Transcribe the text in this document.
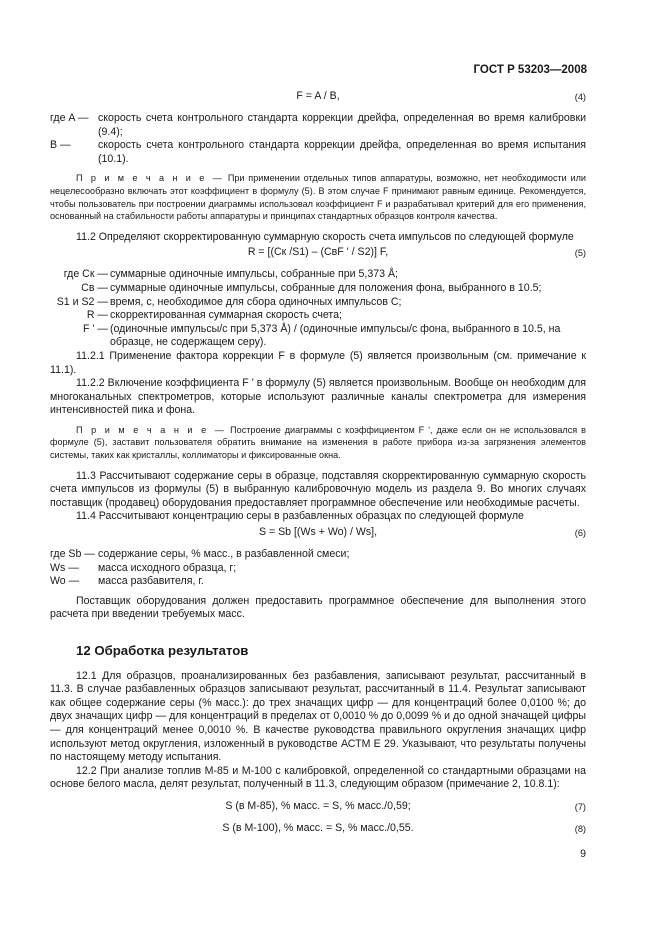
ГОСТ Р 53203—2008
F = A / B,	(4)
где A — скорость счета контрольного стандарта коррекции дрейфа, определенная во время калибровки (9.4);
B —	скорость счета контрольного стандарта коррекции дрейфа, определенная во время испытания (10.1).
П р и м е ч а н и е — При применении отдельных типов аппаратуры, возможно, нет необходимости или нецелесообразно включать этот коэффициент в формулу (5). В этом случае F принимают равным единице. Рекомендуется, чтобы пользователь при построении диаграммы использовал коэффициент F и разрабатывал критерий для его применения, основанный на стабильности работы аппаратуры и принципах стандартных образцов контроля качества.

11.2 Определяют скорректированную суммарную скорость счета импульсов по следующей формуле

R = [(Cк /S1) – (CвF ' / S2)] F,	(5)
где Cк — суммарные одиночные импульсы, собранные при 5,373 Å;
Cв — суммарные одиночные импульсы, собранные для положения фона, выбранного в 10.5;
S1 и S2 — время, с, необходимое для сбора одиночных импульсов C;
R — скорректированная суммарная скорость счета;
F ' — (одиночные импульсы/с при 5,373 Å) / (одиночные импульсы/с фона, выбранного в 10.5, на образце, не содержащем серу).

11.2.1 Применение фактора коррекции F в формуле (5) является произвольным (см. примечание к 11.1).

11.2.2 Включение коэффициента F ' в формулу (5) является произвольным. Вообще он необходим для многоканальных спектрометров, которые используют различные каналы спектрометра для измерения интенсивностей пика и фона.

П р и м е ч а н и е — Построение диаграммы с коэффициентом F ', даже если он не использовался в формуле (5), заставит пользователя обратить внимание на изменения в работе прибора из-за загрязнения элементов системы, таких как кристаллы, коллиматоры и фиксированные окна.

11.3 Рассчитывают содержание серы в образце, подставляя скорректированную суммарную скорость счета импульсов из формулы (5) в выбранную калибровочную модель из раздела 9. Во многих случаях поставщик (продавец) оборудования предоставляет программное обеспечение или необходимые расчеты.

11.4 Рассчитывают концентрацию серы в разбавленных образцах по следующей формуле

S = Sb [(Ws + Wo) / Ws],	(6)
где Sb — содержание серы, % масс., в разбавленной смеси;
Ws — масса исходного образца, г;
Wo — масса разбавителя, г.

Поставщик оборудования должен предоставить программное обеспечение для выполнения этого расчета при введении требуемых масс.

12 Обработка результатов

12.1 Для образцов, проанализированных без разбавления, записывают результат, рассчитанный в 11.3. В случае разбавленных образцов записывают результат, рассчитанный в 11.4. Результат записывают как общее содержание серы (% масс.): до трех значащих цифр — для концентраций более 0,0100 %; до двух значащих цифр — для концентраций в пределах от 0,0010 % до 0,0099 % и до одной значащей цифры — для концентраций менее 0,0010 %. В качестве руководства правильного округления значащих цифр используют метод округления, изложенный в руководстве АСТМ Е 29. Указывают, что результаты получены по настоящему методу испытания.

12.2 При анализе топлив М-85 и М-100 с калибровкой, определенной со стандартными образцами на основе белого масла, делят результат, полученный в 11.3, следующим образом (примечание 2, 10.8.1):

S (в М-85), % масс. = S, % масс./0,59;	(7)
S (в М-100), % масс. = S, % масс./0,55.	(8)
9
